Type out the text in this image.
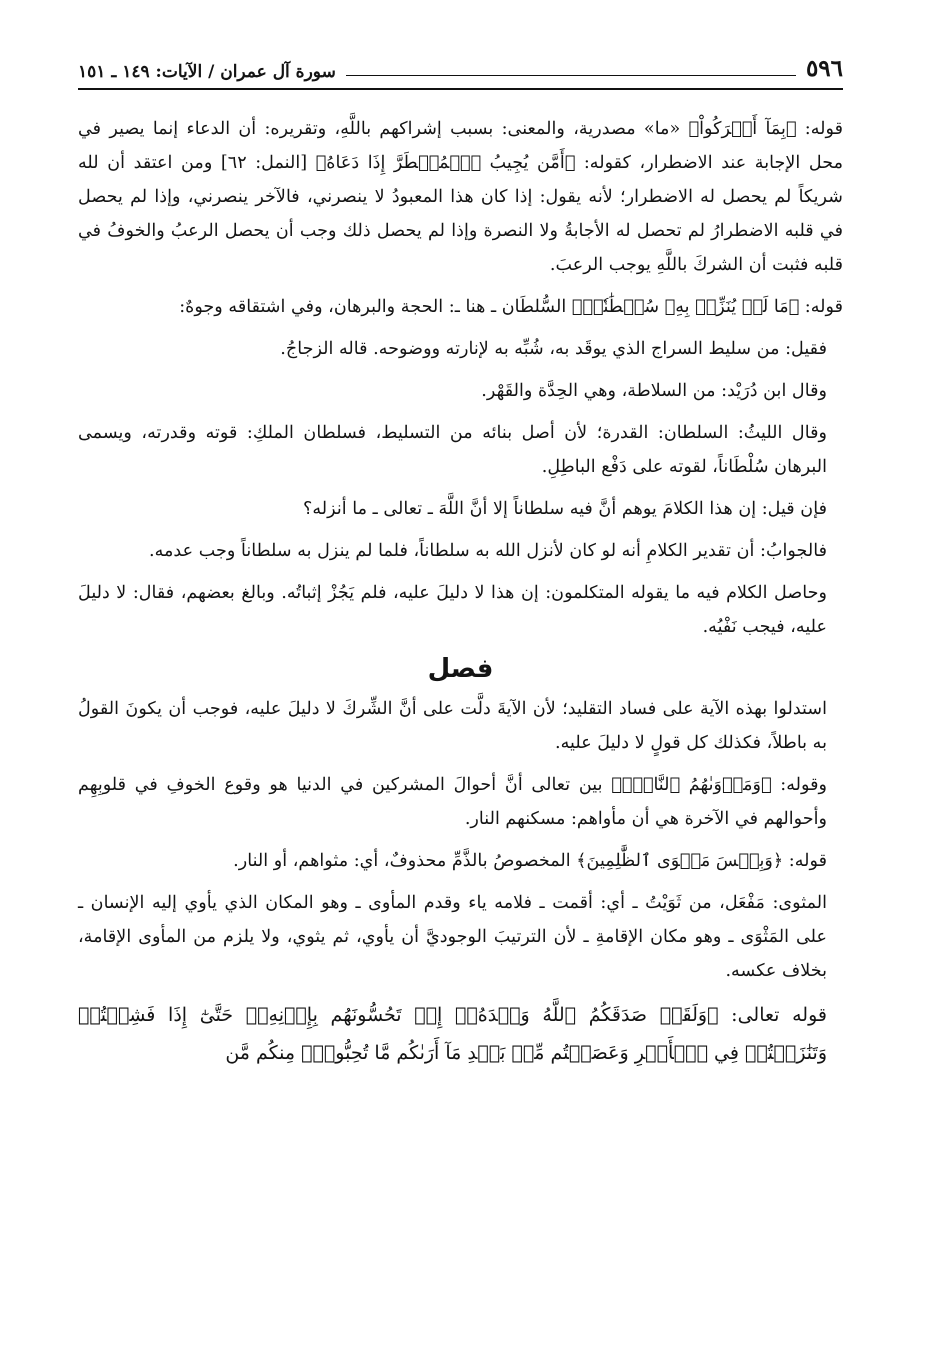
٥٩٦
سورة آل عمران / الآيات: ١٤٩ ـ ١٥١

قوله: ﴿بِمَآ أَشۡرَكُواْ﴾ «ما» مصدرية، والمعنى: بسبب إشراكهم باللَّهِ، وتقريره: أن الدعاء إنما يصير في محل الإجابة عند الاضطرار، كقوله: ﴿أَمَّن يُجِيبُ ٱلۡمُضۡطَرَّ إِذَا دَعَاهُ﴾ [النمل: ٦٢] ومن اعتقد أن لله شريكاً لم يحصل له الاضطرار؛ لأنه يقول: إذا كان هذا المعبودُ لا ينصرني، فالآخر ينصرني، وإذا لم يحصل في قلبه الاضطرارُ لم تحصل له الأجابةُ ولا النصرة وإذا لم يحصل ذلك وجب أن يحصل الرعبُ والخوفُ في قلبه فثبت أن الشركَ باللَّهِ يوجب الرعبَ.

قوله: ﴿مَا لَمۡ يُنَزِّلۡ بِهِۦ سُلۡطَٰنٗاۖ﴾ السُّلطَان ـ هنا ـ: الحجة والبرهان، وفي اشتقاقه وجوهٌ:

فقيل: من سليط السراج الذي يوقَد به، شُبِّه به لإنارته ووضوحه. قاله الزجاجُ.

وقال ابن دُرَيْد: من السلاطة، وهي الحِدَّة والقَهْر.

وقال الليثُ: السلطان: القدرة؛ لأن أصل بنائه من التسليط، فسلطان الملكِ: قوته وقدرته، ويسمى البرهان سُلْطَاناً، لقوته على دَفْع الباطِلِ.

فإن قيل: إن هذا الكلامَ يوهم أنَّ فيه سلطاناً إلا أنَّ اللَّهَ ـ تعالى ـ ما أنزله؟

فالجوابُ: أن تقدير الكلامِ أنه لو كان لأنزل الله به سلطاناً، فلما لم ينزل به سلطاناً وجب عدمه.

وحاصل الكلام فيه ما يقوله المتكلمون: إن هذا لا دليلَ عليه، فلم يَجُزْ إثباتُه. وبالغ بعضهم، فقال: لا دليلَ عليه، فيجب نَفْيُه.

فصل

استدلوا بهذه الآية على فساد التقليد؛ لأن الآيةَ دلَّت على أنَّ الشِّركَ لا دليلَ عليه، فوجب أن يكونَ القولُ به باطلاً، فكذلك كل قولٍ لا دليلَ عليه.

وقوله: ﴿وَمَأۡوَىٰهُمُ ٱلنَّارُۖ﴾ بين تعالى أنَّ أحوالَ المشركين في الدنيا هو وقوع الخوفِ في قلوبِهِم وأحوالهم في الآخرة هي أن مأواهم: مسكنهم النار.

قوله: ﴿وَبِئۡسَ مَثۡوَى ٱلظَّٰلِمِينَ﴾ المخصوصُ بالذَّمِّ محذوفٌ، أي: مثواهم، أو النار.

المثوى: مَفْعَل، من ثَوَيْتُ ـ أي: أقمت ـ فلامه ياء وقدم المأوى ـ وهو المكان الذي يأوي إليه الإنسان ـ على المَثْوَى ـ وهو مكان الإقامةِ ـ لأن الترتيبَ الوجوديَّ أن يأوي، ثم يثوي، ولا يلزم من المأوى الإقامة، بخلاف عكسه.

قوله تعالى: ﴿وَلَقَدۡ صَدَقَكُمُ ٱللَّهُ وَعۡدَهُۥٓ إِذۡ تَحُسُّونَهُم بِإِذۡنِهِۦۖ حَتَّىٰٓ إِذَا فَشِلۡتُمۡ وَتَنَٰزَعۡتُمۡ فِي ٱلۡأَمۡرِ وَعَصَيۡتُم مِّنۢ بَعۡدِ مَآ أَرَىٰكُم مَّا تُحِبُّونَۚ مِنكُم مَّن
